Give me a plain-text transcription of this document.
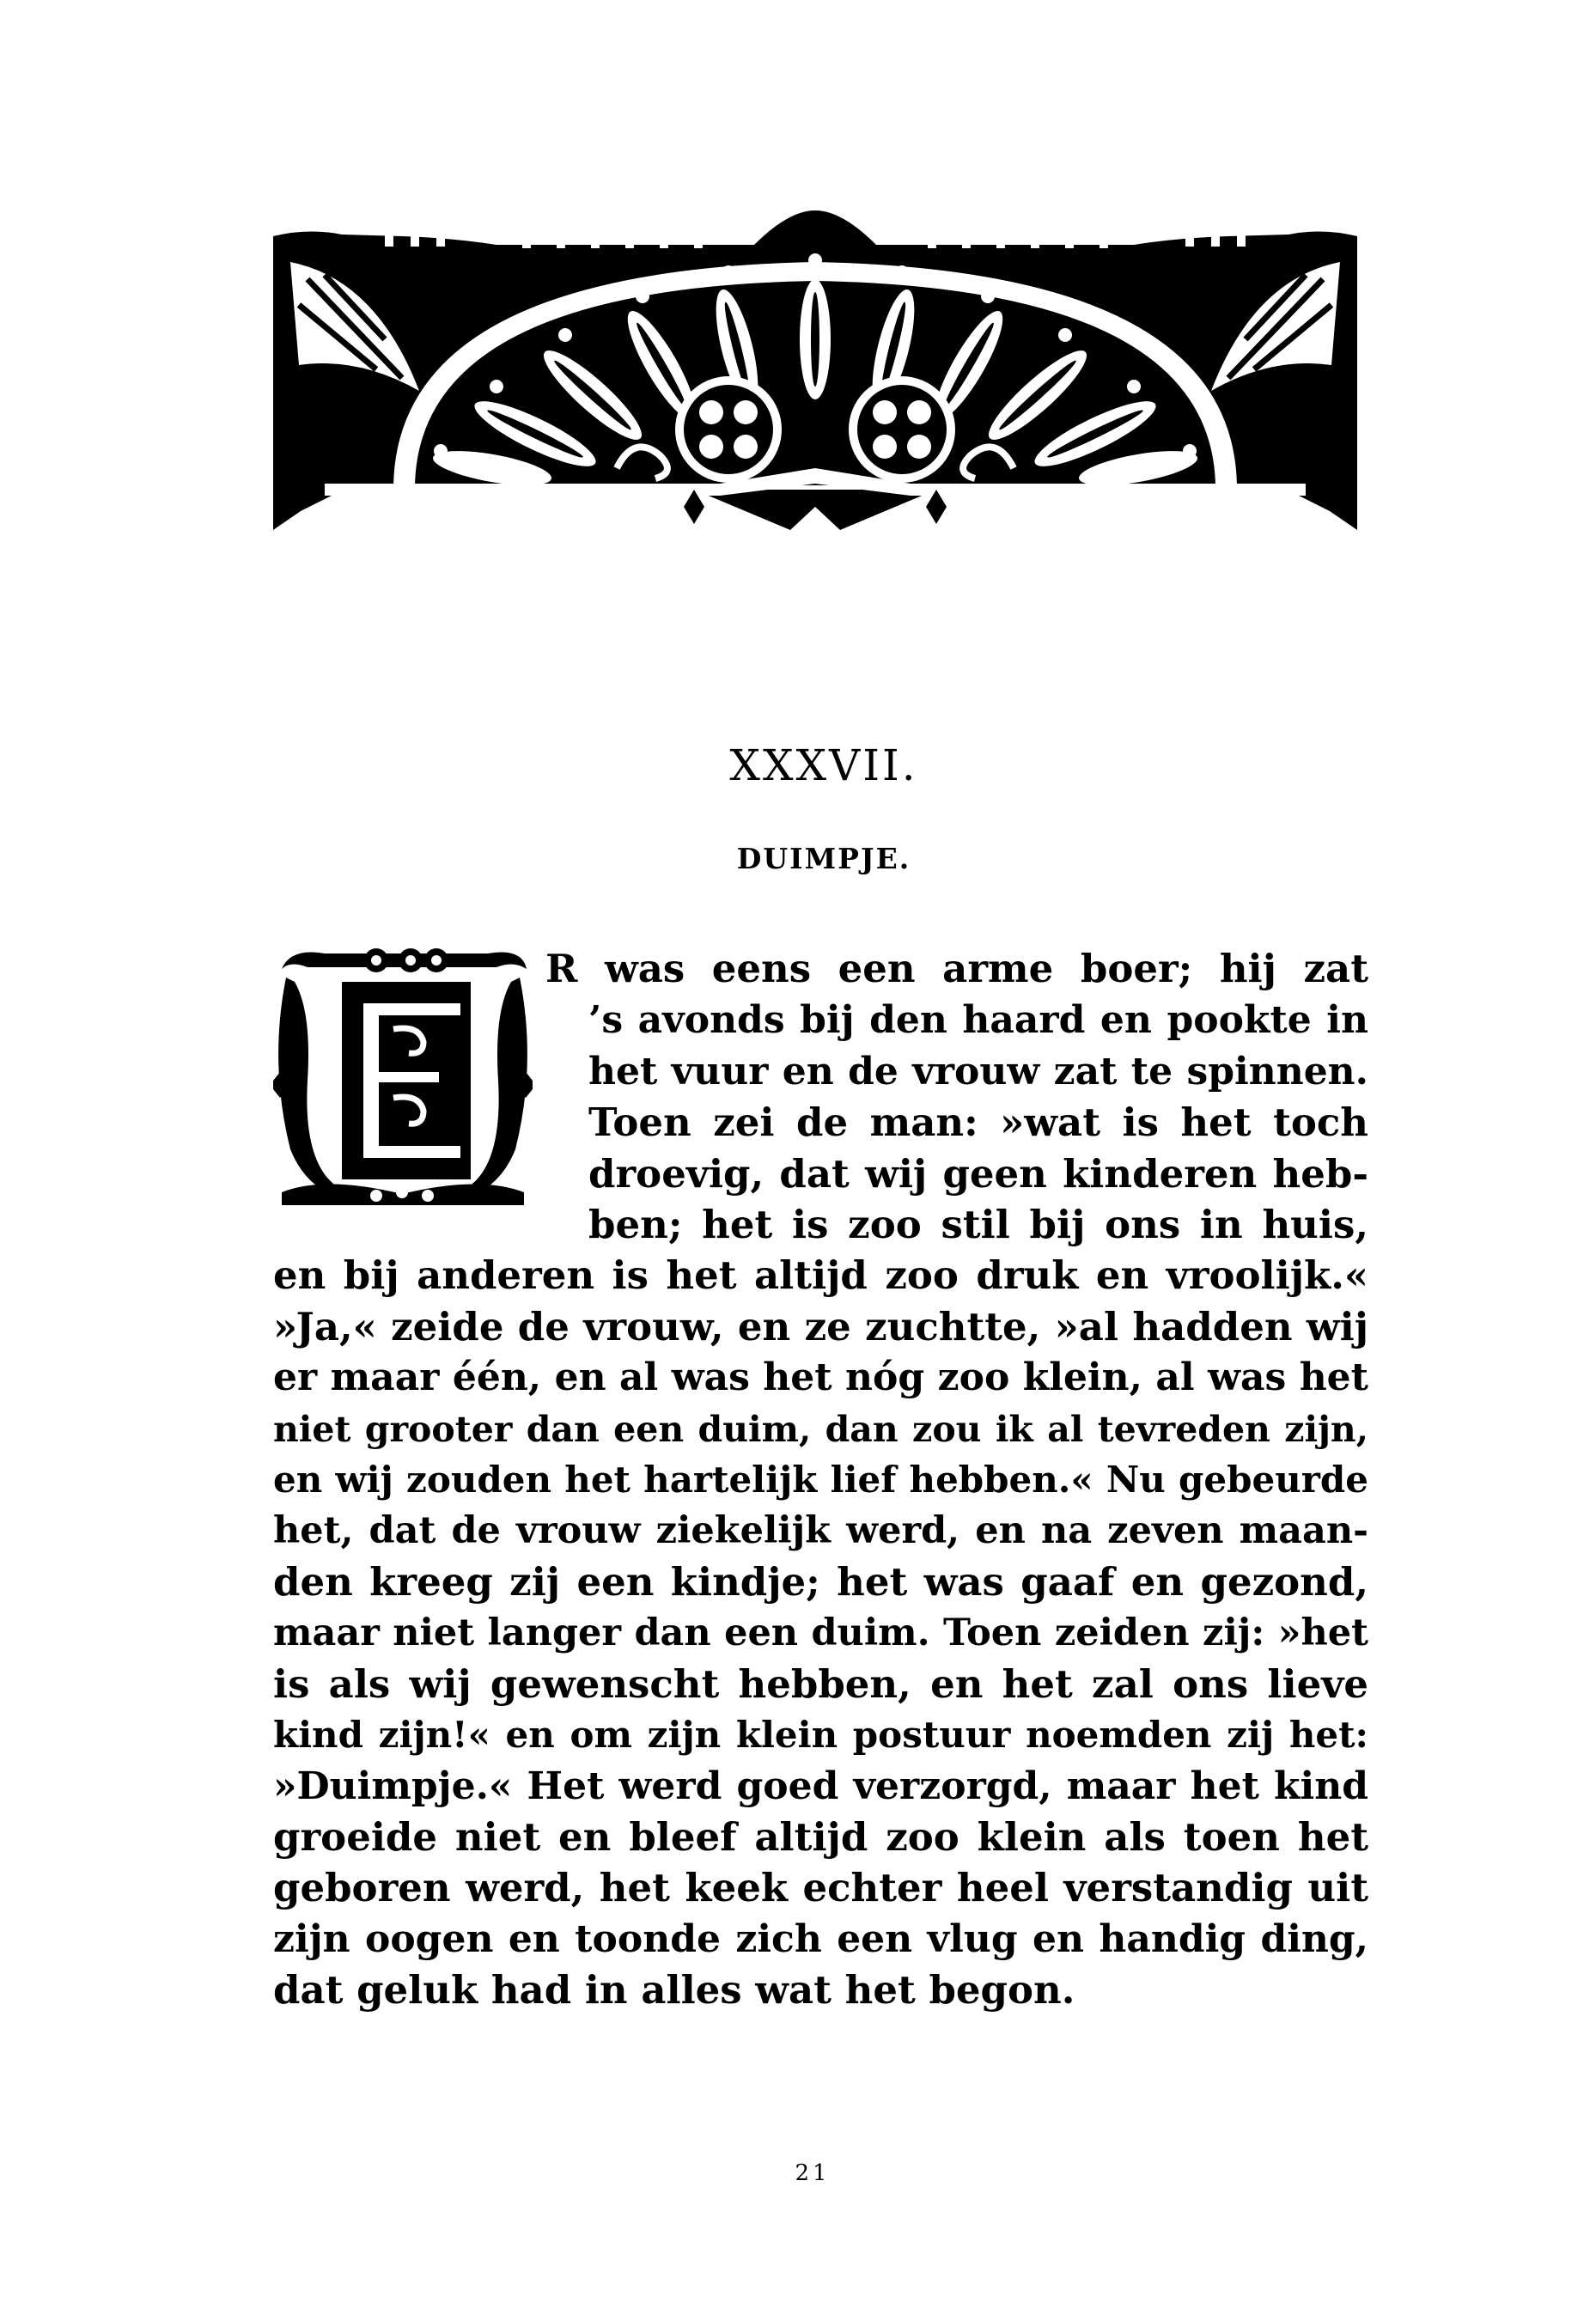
XXXVII.
DUIMPJE.
R was eens een arme boer; hij zat
’s avonds bij den haard en pookte in
het vuur en de vrouw zat te spinnen.
Toen zei de man: »wat is het toch
droevig, dat wij geen kinderen heb-
ben; het is zoo stil bij ons in huis,
en bij anderen is het altijd zoo druk en vroolijk.«
»Ja,« zeide de vrouw, en ze zuchtte, »al hadden wij
er maar één, en al was het nóg zoo klein, al was het
niet grooter dan een duim, dan zou ik al tevreden zijn,
en wij zouden het hartelijk lief hebben.« Nu gebeurde
het, dat de vrouw ziekelijk werd, en na zeven maan-
den kreeg zij een kindje; het was gaaf en gezond,
maar niet langer dan een duim. Toen zeiden zij: »het
is als wij gewenscht hebben, en het zal ons lieve
kind zijn!« en om zijn klein postuur noemden zij het:
»Duimpje.« Het werd goed verzorgd, maar het kind
groeide niet en bleef altijd zoo klein als toen het
geboren werd, het keek echter heel verstandig uit
zijn oogen en toonde zich een vlug en handig ding,
dat geluk had in alles wat het begon.
21
